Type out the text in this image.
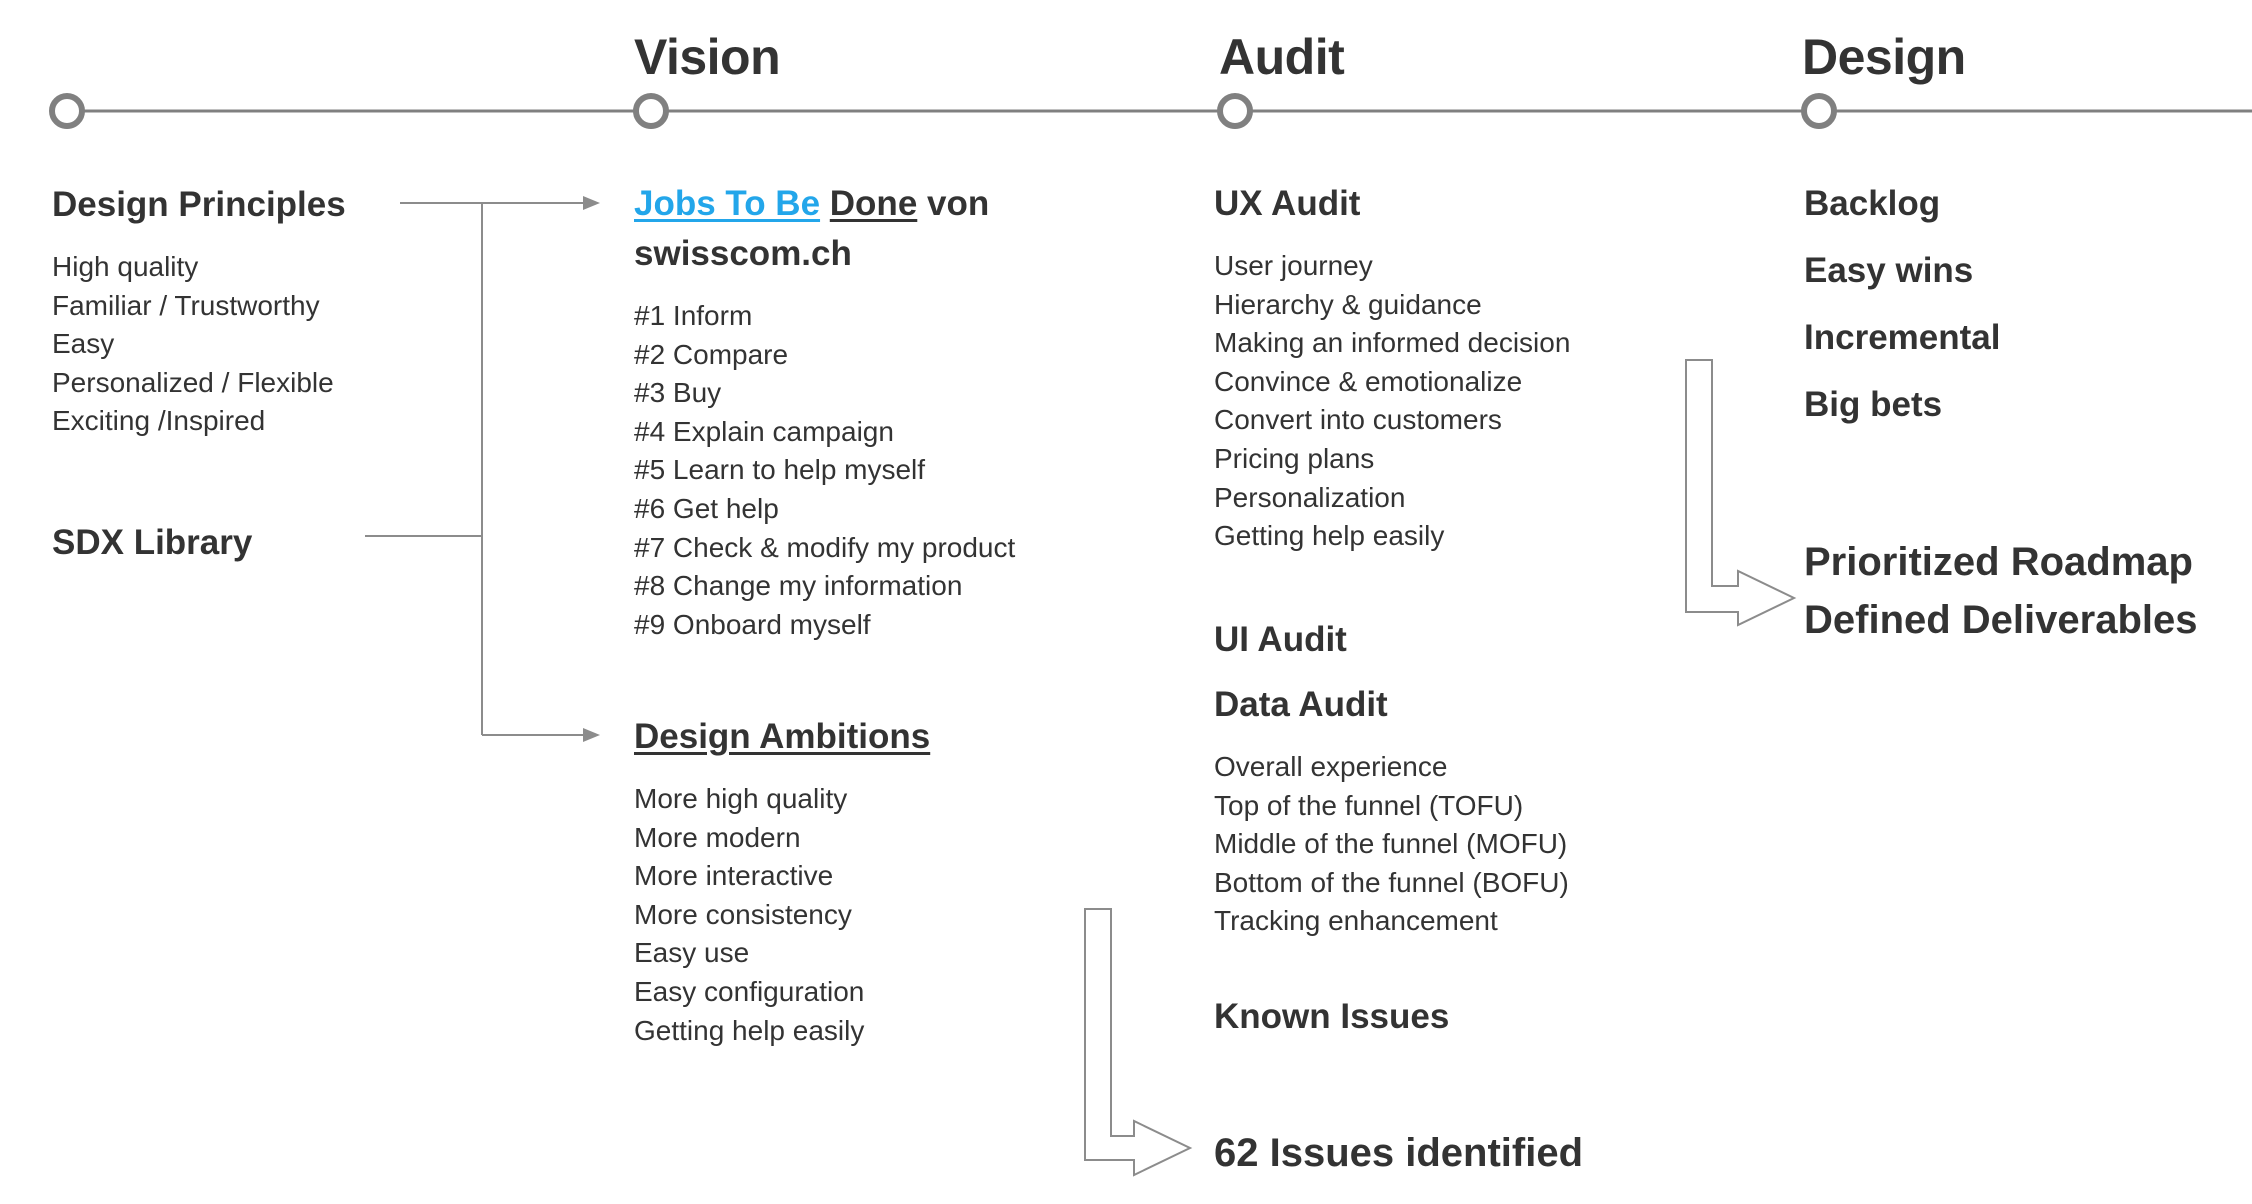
Vision	Audit	Design
Design Principles
High quality
Familiar / Trustworthy
Easy
Personalized / Flexible
Exciting /Inspired
SDX Library
Jobs To Be Done von
swisscom.ch
#1 Inform
#2 Compare
#3 Buy
#4 Explain campaign
#5 Learn to help myself
#6 Get help
#7 Check & modify my product
#8 Change my information
#9 Onboard myself
Design Ambitions
More high quality
More modern
More interactive
More consistency
Easy use
Easy configuration
Getting help easily
UX Audit
User journey
Hierarchy & guidance
Making an informed decision
Convince & emotionalize
Convert into customers
Pricing plans
Personalization
Getting help easily
UI Audit
Data Audit
Overall experience
Top of the funnel (TOFU)
Middle of the funnel (MOFU)
Bottom of the funnel (BOFU)
Tracking enhancement
Known Issues
62 Issues identified
Backlog
Easy wins
Incremental
Big bets
Prioritized Roadmap
Defined Deliverables
